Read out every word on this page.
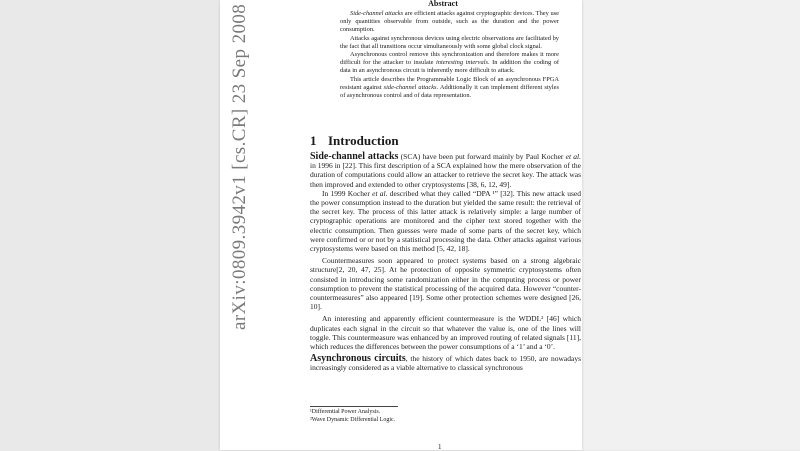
arXiv:0809.3942v1 [cs.CR] 23 Sep 2008
Abstract

Side-channel attacks are efficient attacks against cryptographic devices. They use only quantities observable from outside, such as the duration and the power consumption.

Attacks against synchronous devices using electric observations are facilitated by the fact that all transitions occur simultaneously with some global clock signal.

Asynchronous control remove this synchronization and therefore makes it more difficult for the attacker to insulate interesting intervals. In addition the coding of data in an asynchronous circuit is inherently more difficult to attack.

This article describes the Programmable Logic Block of an asynchronous FPGA resistant against side-channel attacks. Additionally it can implement different styles of asynchronous control and of data representation.

1 Introduction

Side-channel attacks (SCA) have been put forward mainly by Paul Kocher et al. in 1996 in [22]. This first description of a SCA explained how the mere observation of the duration of computations could allow an attacker to retrieve the secret key. The attack was then improved and extended to other cryptosystems [38, 6, 12, 49].

In 1999 Kocher et al. described what they called “DPA ¹” [32]. This new attack used the power consumption instead to the duration but yielded the same result: the retrieval of the secret key. The process of this latter attack is relatively simple: a large number of cryptographic operations are monitored and the cipher text stored together with the electric consumption. Then guesses were made of some parts of the secret key, which were confirmed or or not by a statistical processing the data. Other attacks against various cryptosystems were based on this method [5, 42, 18].

Countermeasures soon appeared to protect systems based on a strong algebraic structure[2, 20, 47, 25]. At he protection of opposite symmetric cryptosystems often consisted in introducing some randomization either in the computing process or power consumption to prevent the statistical processing of the acquired data. However “counter-countermeasures” also appeared [19]. Some other protection schemes were designed [26, 10].

An interesting and apparently efficient countermeasure is the WDDL² [46] which duplicates each signal in the circuit so that whatever the value is, one of the lines will toggle. This countermeasure was enhanced by an improved routing of related signals [11], which reduces the differences between the power consumptions of a ‘1’ and a ‘0’.

Asynchronous circuits, the history of which dates back to 1950, are nowadays increasingly considered as a viable alternative to classical synchronous

¹Differential Power Analysis.
²Wave Dynamic Differential Logic.
1
